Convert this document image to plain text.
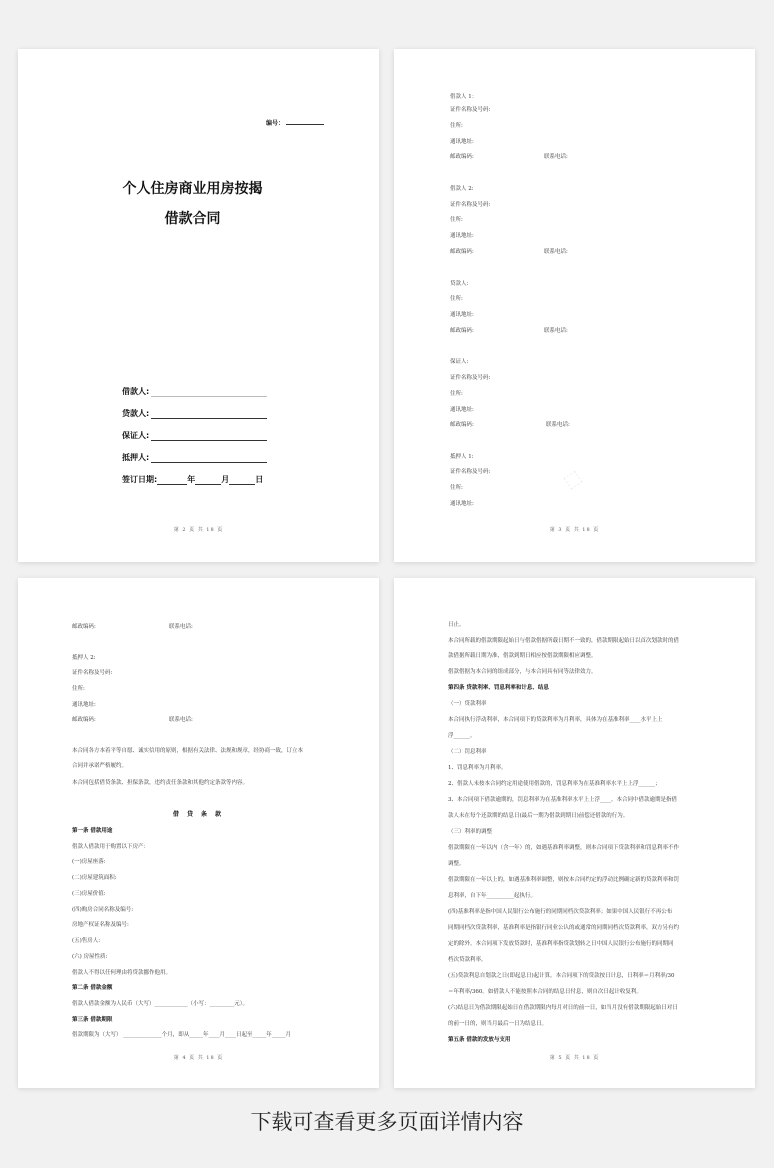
编号：
个人住房商业用房按揭
借款合同
借款人:
贷款人:
保证人:
抵押人:
签订日期:	年	月	日
第 2 页 共 18 页
⬚
借款人 1：
证件名称及号码:
住所:
通讯地址:
邮政编码:	联系电话:
借款人 2:
证件名称及号码:
住所:
通讯地址:
邮政编码:	联系电话:
贷款人:
住所:
通讯地址:
邮政编码:	联系电话:
保证人:
证件名称及号码:
住所:
通讯地址:
邮政编码:	联系电话:
抵押人 1:
证件名称及号码:
住所:
通讯地址:
第 3 页 共 18 页
邮政编码:	联系电话:
抵押人 2:
证件名称及号码:
住所:
通讯地址:
邮政编码:	联系电话:
本合同各方本着平等自愿、诚实信用的原则，根据有关法律、法规和规章，经协商一致，订立本
合同并承诺严格履约。
本合同包括借贷条款、担保条款，违约责任条款和其他约定条款等内容。
借 贷 条 款
第一条 借款用途
借款人借款用于购置以下房产：
(一)房屋座落:
(二)房屋建筑面积:
(三)房屋价值:
(四)购房合同名称及编号:
房地产权证名称及编号:
(五)售房人:
(六) 房屋性质:
借款人不得以任何理由将贷款挪作他用。
第二条 借款金额
借款人借款金额为人民币（大写）____________（小写：_________元）。
第三条 借款期限
借款期限为（大写） ______________个月，即从_____年____月____日起至_____年_____月
第 4 页 共 18 页
日止。
本合同所载的借款期限起始日与借款借据所载日期不一致的，借款期限起始日以首次划款时的借
款借据所载日期为准，借款到期日相应按借款期限相应调整。
借款借据为本合同的组成部分，与本合同具有同等法律效力。
第四条 贷款利率、罚息利率和计息、结息
（一）贷款利率
本合同执行浮动利率，本合同项下的贷款利率为月利率，具体为在基准利率____水平上上
浮______。
（二）罚息利率
1、罚息利率为月利率。
2、借款人未按本合同约定用途使用借款的，罚息利率为在基准利率水平上上浮______；
3、本合同项下借款逾期的，罚息利率为在基准利率水平上上浮____。本合同中借款逾期是指借
款人未在每个还款期的结息日(最后一期为借款到期日)前偿还借款的行为。
（三）利率的调整
借款期限在一年以内（含一年）的，如遇基准利率调整，则本合同项下贷款利率和罚息利率不作
调整。
借款期限在一年以上的，如遇基准利率调整，则按本合同约定的浮动比例确定新的贷款利率和罚
息利率，自下年__________起执行。
(四)基准利率是指中国人民银行公布施行的同期同档次贷款利率；如果中国人民银行不再公布
同期同档次贷款利率，基准利率是指银行同业公认的或通常的同期同档次贷款利率，双方另有约
定的除外。本合同项下发放贷款时，基准利率指贷款划转之日中国人民银行公布施行的同期同
档次贷款利率。
(五)贷款利息自划款之日(即起息日)起计算。本合同项下的贷款按日计息，日利率＝月利率/30
＝年利率/360。如借款人不能按照本合同的结息日付息，则自次日起计收复利。
(六)结息日为借款期限起始日在借款期限内每月对日的前一日，如当月没有借款期限起始日对日
的前一日的，则当月最后一日为结息日。
第五条 借款的发放与支用
第 5 页 共 18 页
下载可查看更多页面详情内容
